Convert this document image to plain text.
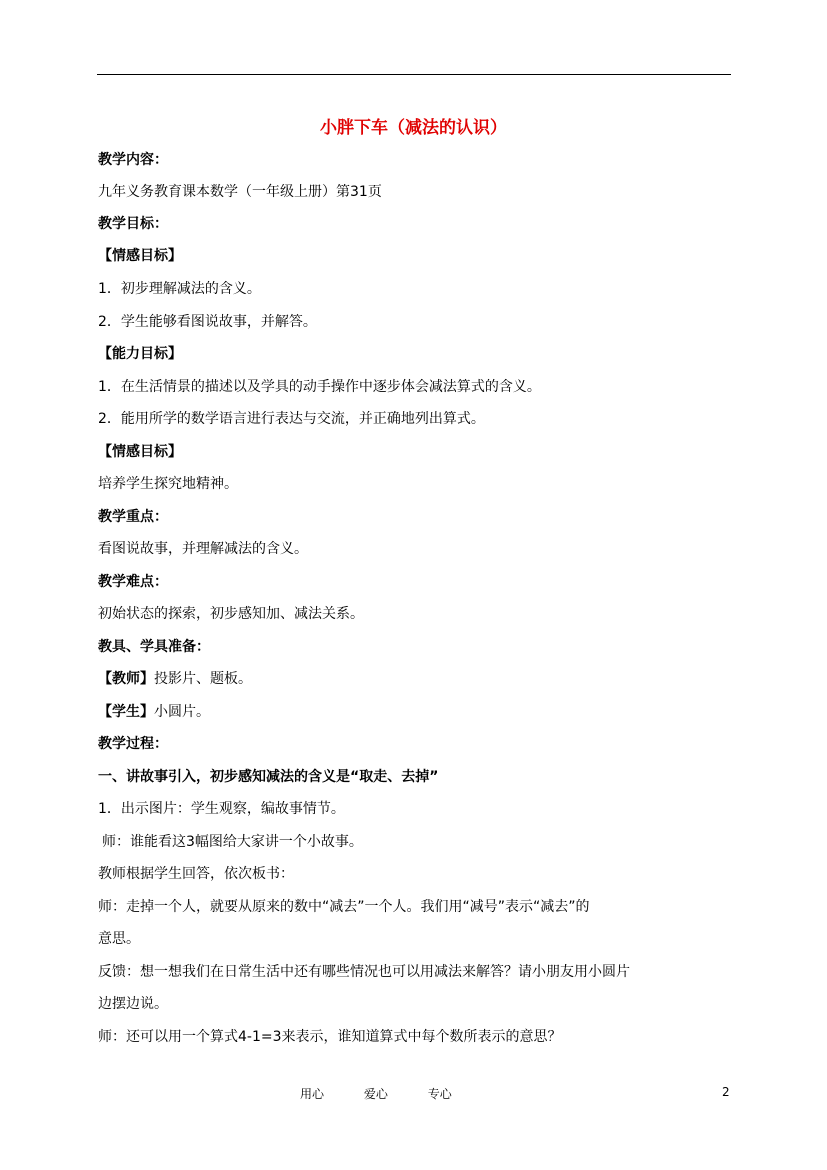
小胖下车（减法的认识）
教学内容：
九年义务教育课本数学（一年级上册）第31页
教学目标：
【情感目标】
1．初步理解减法的含义。
2．学生能够看图说故事，并解答。
【能力目标】
1．在生活情景的描述以及学具的动手操作中逐步体会减法算式的含义。
2．能用所学的数学语言进行表达与交流，并正确地列出算式。
【情感目标】
培养学生探究地精神。
教学重点：
看图说故事，并理解减法的含义。
教学难点：
初始状态的探索，初步感知加、减法关系。
教具、学具准备：
【教师】投影片、题板。
【学生】小圆片。
教学过程：
一、讲故事引入，初步感知减法的含义是“取走、去掉”
1．出示图片：学生观察，编故事情节。
师：谁能看这3幅图给大家讲一个小故事。
教师根据学生回答，依次板书：
师：走掉一个人，就要从原来的数中“减去”一个人。我们用“减号”表示“减去”的
意思。
反馈：想一想我们在日常生活中还有哪些情况也可以用减法来解答？请小朋友用小圆片
边摆边说。
师：还可以用一个算式4-1=3来表示，谁知道算式中每个数所表示的意思？
用心	爱心	专心	2
